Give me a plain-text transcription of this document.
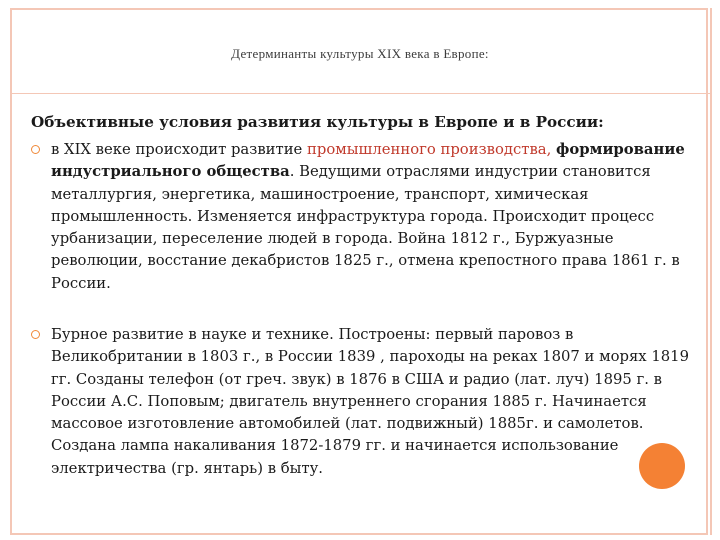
Детерминанты культуры XIX века в Европе:
Объективные условия развития культуры в Европе и в России:
в XIX веке происходит развитие промышленного производства, формирование индустриального общества. Ведущими отраслями индустрии становится металлургия, энергетика, машиностроение, транспорт, химическая промышленность. Изменяется инфраструктура города. Происходит процесс урбанизации, переселение людей в города. Война 1812 г., Буржуазные революции, восстание декабристов 1825 г., отмена крепостного права 1861 г. в России.
Бурное развитие в науке и технике. Построены: первый паровоз в Великобритании в 1803 г., в России 1839 , пароходы на реках 1807 и морях 1819 гг. Созданы телефон (от греч. звук) в 1876 в США и радио (лат. луч) 1895 г. в России А.С. Поповым; двигатель внутреннего сгорания 1885 г. Начинается массовое изготовление автомобилей (лат. подвижный) 1885г. и самолетов. Создана лампа накаливания 1872-1879 гг. и начинается использование электричества (гр. янтарь) в быту.
